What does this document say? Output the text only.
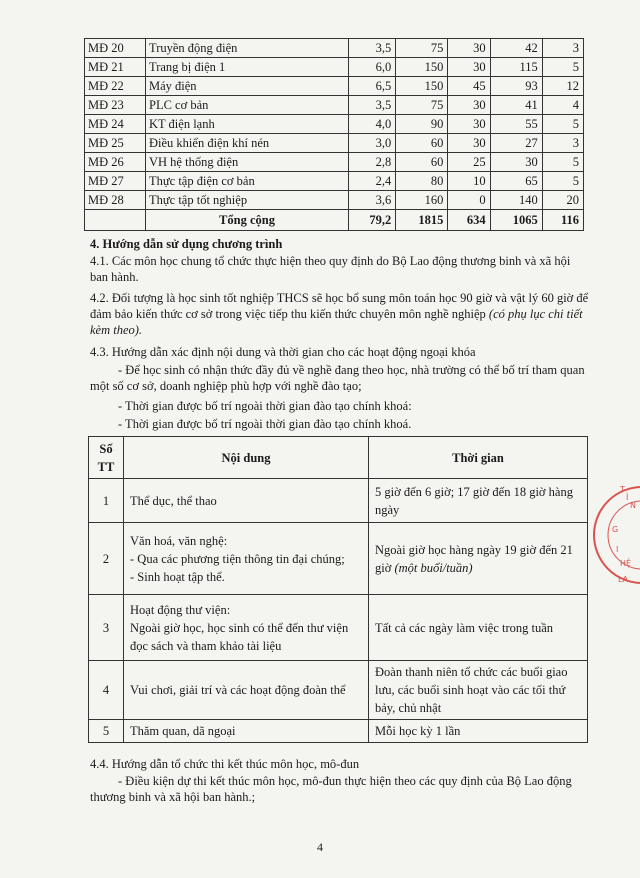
MĐ 20	Truyền động điện	3,5	75	30	42	3
MĐ 21	Trang bị điện 1	6,0	150	30	115	5
MĐ 22	Máy điện	6,5	150	45	93	12
MĐ 23	PLC cơ bản	3,5	75	30	41	4
MĐ 24	KT điện lạnh	4,0	90	30	55	5
MĐ 25	Điều khiển điện khí nén	3,0	60	30	27	3
MĐ 26	VH hệ thống điện	2,8	60	25	30	5
MĐ 27	Thực tập điện cơ bản	2,4	80	10	65	5
MĐ 28	Thực tập tốt nghiệp	3,6	160	0	140	20
	Tổng cộng	79,2	1815	634	1065	116

4. Hướng dẫn sử dụng chương trình

4.1. Các môn học chung tổ chức thực hiện theo quy định do Bộ Lao động thương binh và xã hội ban hành.

4.2. Đối tượng là học sinh tốt nghiệp THCS sẽ học bổ sung môn toán học 90 giờ và vật lý 60 giờ để đảm bảo kiến thức cơ sở trong việc tiếp thu kiến thức chuyên môn nghề nghiệp (có phụ lục chi tiết kèm theo).

4.3. Hướng dẫn xác định nội dung và thời gian cho các hoạt động ngoại khóa

- Để học sinh có nhận thức đầy đủ về nghề đang theo học, nhà trường có thể bố trí tham quan một số cơ sở, doanh nghiệp phù hợp với nghề đào tạo;

- Thời gian được bố trí ngoài thời gian đào tạo chính khoá:

- Thời gian được bố trí ngoài thời gian đào tạo chính khoá.

Số TT	Nội dung	Thời gian
1	Thể dục, thể thao	5 giờ đến 6 giờ; 17 giờ đến 18 giờ hàng ngày
2	Văn hoá, văn nghệ:
- Qua các phương tiện thông tin đại chúng;
- Sinh hoạt tập thể.	Ngoài giờ học hàng ngày 19 giờ đến 21 giờ (một buổi/tuần)
3	Hoạt động thư viện:
Ngoài giờ học, học sinh có thể đến thư viện đọc sách và tham khảo tài liệu	Tất cả các ngày làm việc trong tuần
4	Vui chơi, giải trí và các hoạt động đoàn thể	Đoàn thanh niên tổ chức các buổi giao lưu, các buổi sinh hoạt vào các tối thứ bảy, chủ nhật
5	Thăm quan, dã ngoại	Mỗi học kỳ 1 lần

4.4. Hướng dẫn tổ chức thi kết thúc môn học, mô-đun

- Điều kiện dự thi kết thúc môn học, mô-đun thực hiện theo các quy định của Bộ Lao động thương binh và xã hội ban hành.;

4
T
Ì
N
G
I
HỆ
LA
